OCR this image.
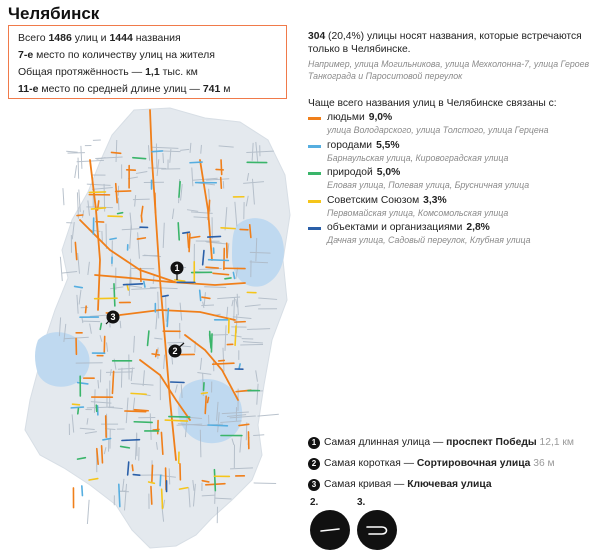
Челябинск
Всего 1486 улиц и 1444 названия
7-е место по количеству улиц на жителя
Общая протяжённость — 1,1 тыс. км
11-е место по средней длине улиц — 741 м
304 (20,4%) улицы носят названия, которые встречаются только в Челябинске.
Например, улица Могильникова, улица Мехколонна-7, улица Героев Танкограда и Пароситовой переулок
Чаще всего названия улиц в Челябинске связаны с:
людьми 9,0%
улица Володарского, улица Толстого, улица Герцена
городами 5,5%
Барнаульская улица, Кировоградская улица
природой 5,0%
Еловая улица, Полевая улица, Брусничная улица
Советским Союзом 3,3%
Первомайская улица, Комсомольская улица
объектами и организациями 2,8%
Дачная улица, Садовый переулок, Клубная улица
1
2
3
1 Самая длинная улица — проспект Победы 12,1 км
2 Самая короткая — Сортировочная улица 36 м
3 Самая кривая — Ключевая улица
2.	3.
